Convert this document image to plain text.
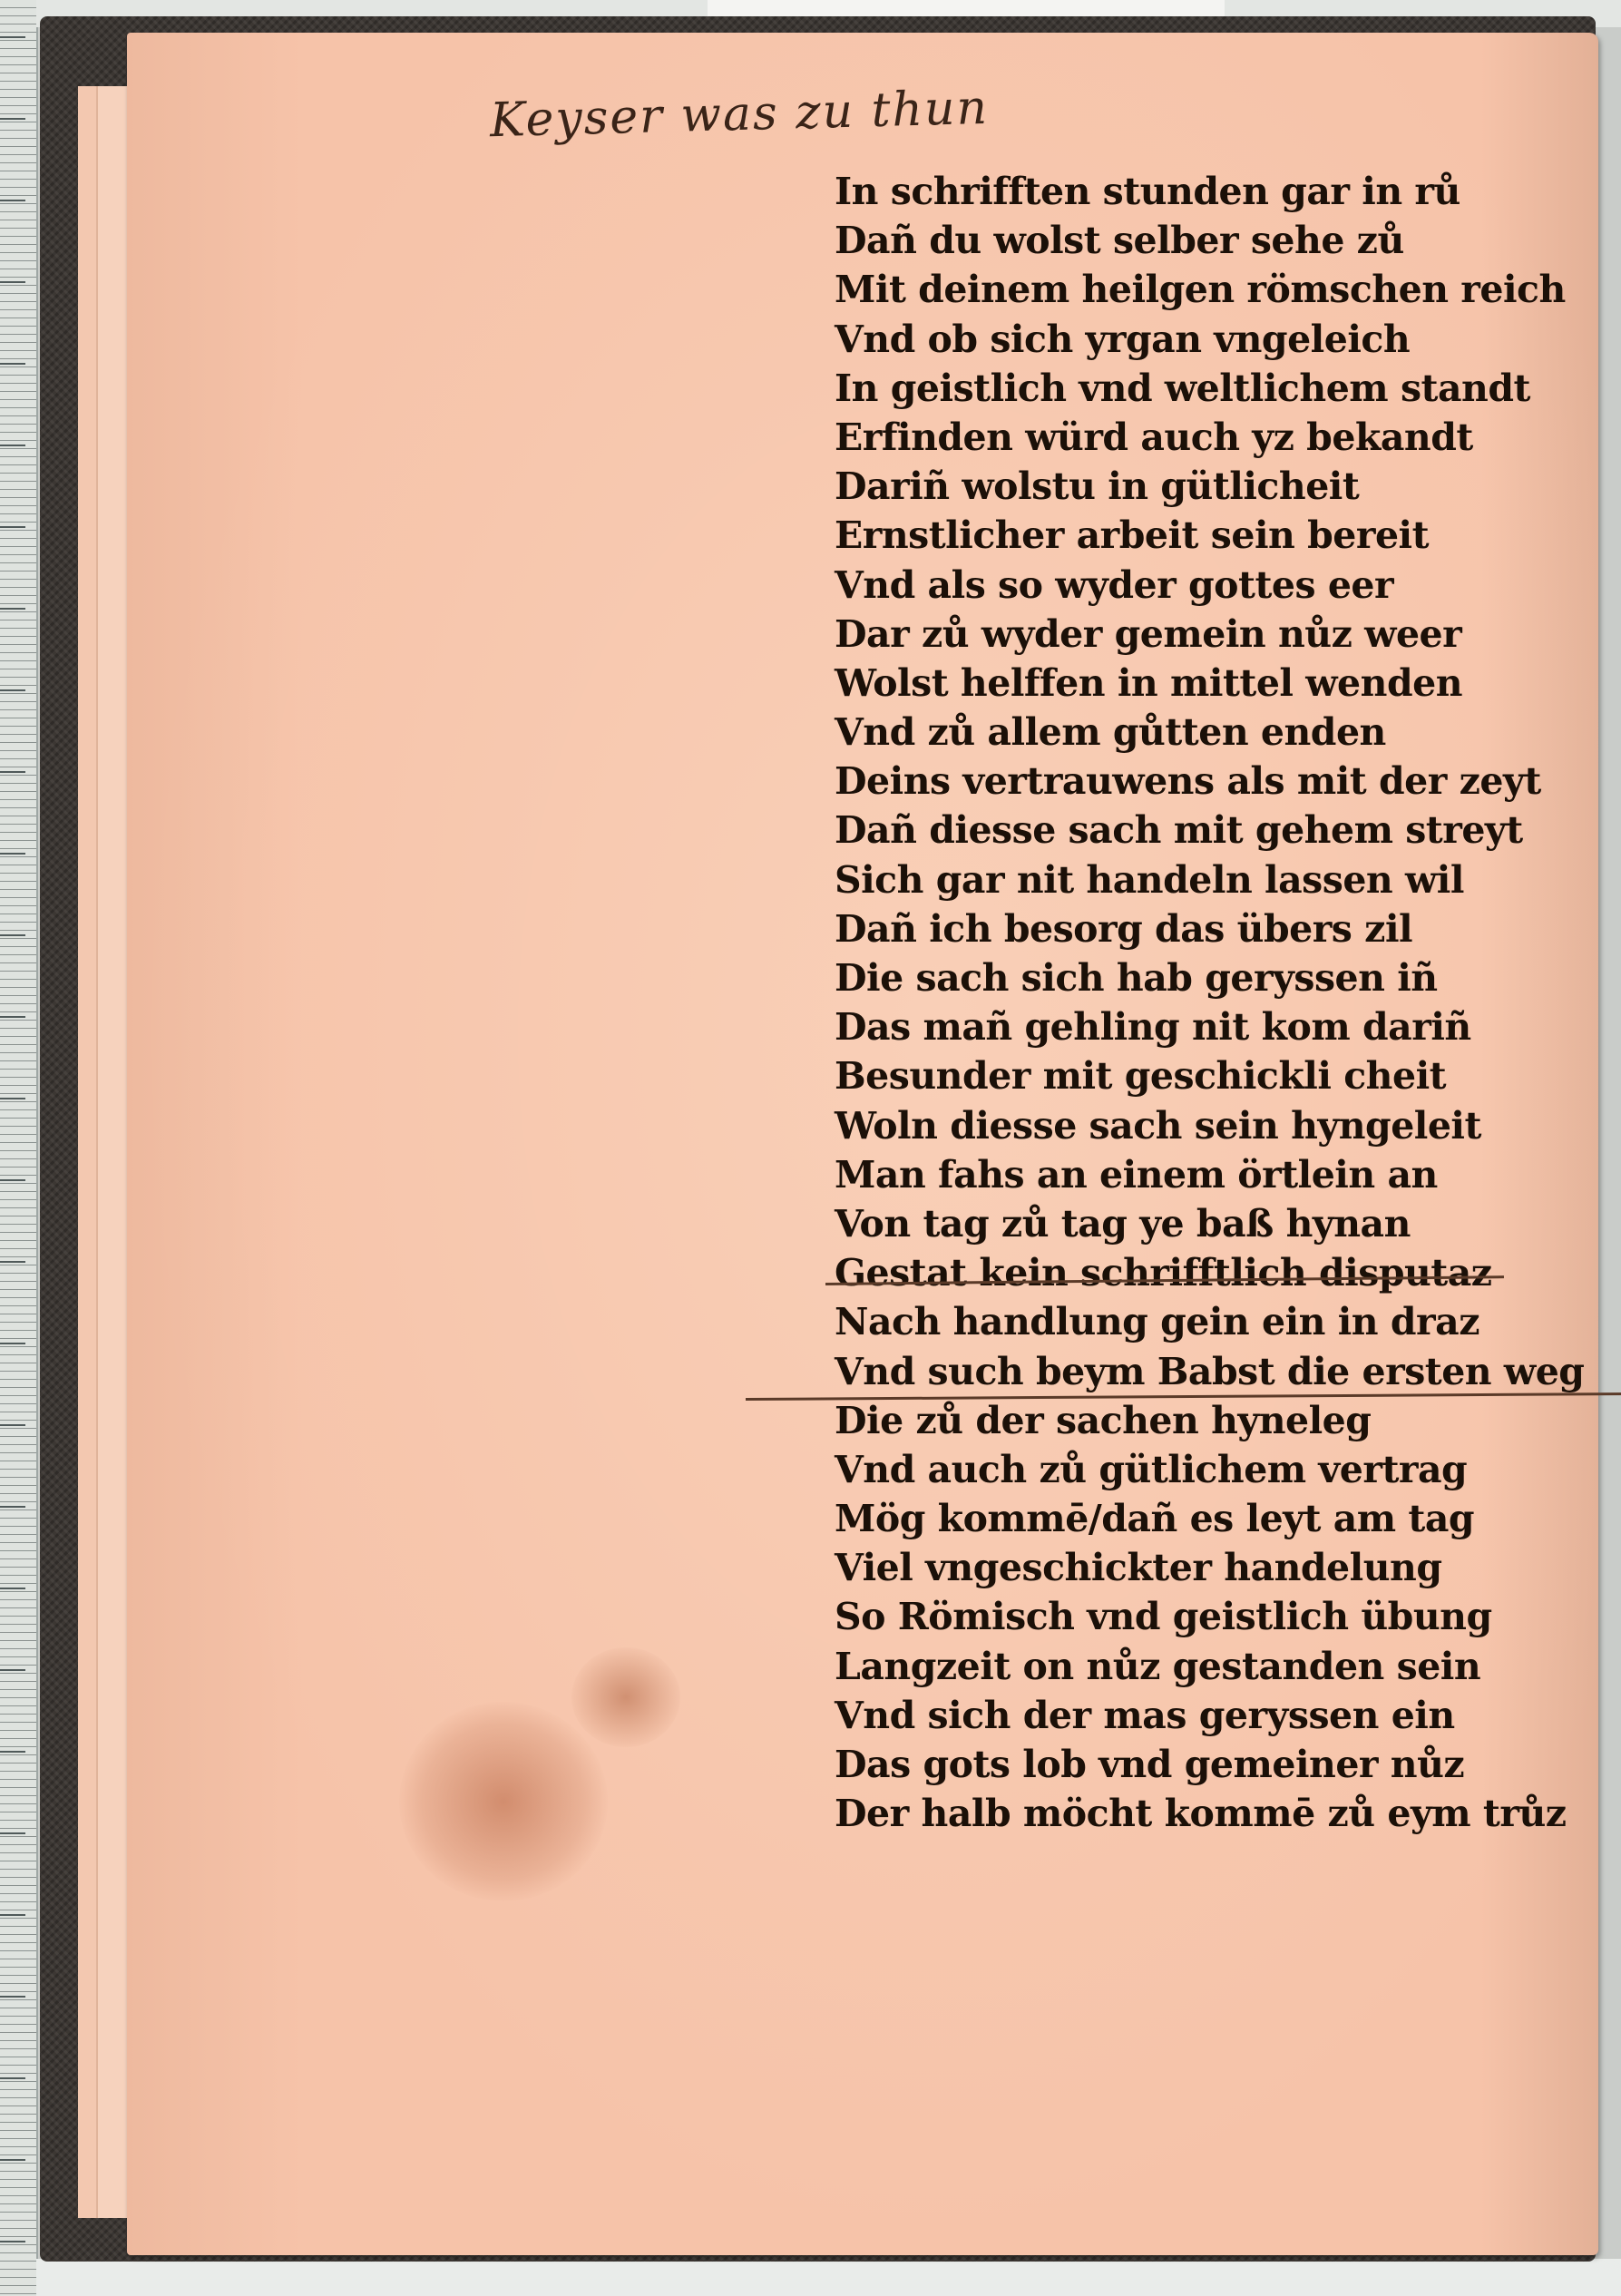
Keyser was zu thun

In schrifften stunden gar in rů
Dañ du wolst selber sehe zů
Mit deinem heilgen römschen reich
Vnd ob sich yrgan vngeleich
In geistlich vnd weltlichem standt
Erfinden würd auch yz bekandt
Dariñ wolstu in gütlicheit
Ernstlicher arbeit sein bereit
Vnd als so wyder gottes eer
Dar zů wyder gemein nůz weer
Wolst helffen in mittel wenden
Vnd zů allem gůtten enden
Deins vertrauwens als mit der zeyt
Dañ diesse sach mit gehem streyt
Sich gar nit handeln lassen wil
Dañ ich besorg das übers zil
Die sach sich hab geryssen iñ
Das mañ gehling nit kom dariñ
Besunder mit geschickli cheit
Woln diesse sach sein hyngeleit
Man fahs an einem örtlein an
Von tag zů tag ye baß hynan
Gestat kein schrifftlich disputaz
Nach handlung gein ein in draz
Vnd such beym Babst die ersten weg
Die zů der sachen hyneleg
Vnd auch zů gütlichem vertrag
Mög kommē/dañ es leyt am tag
Viel vngeschickter handelung
So Römisch vnd geistlich übung
Langzeit on nůz gestanden sein
Vnd sich der mas geryssen ein
Das gots lob vnd gemeiner nůz
Der halb möcht kommē zů eym trůz
